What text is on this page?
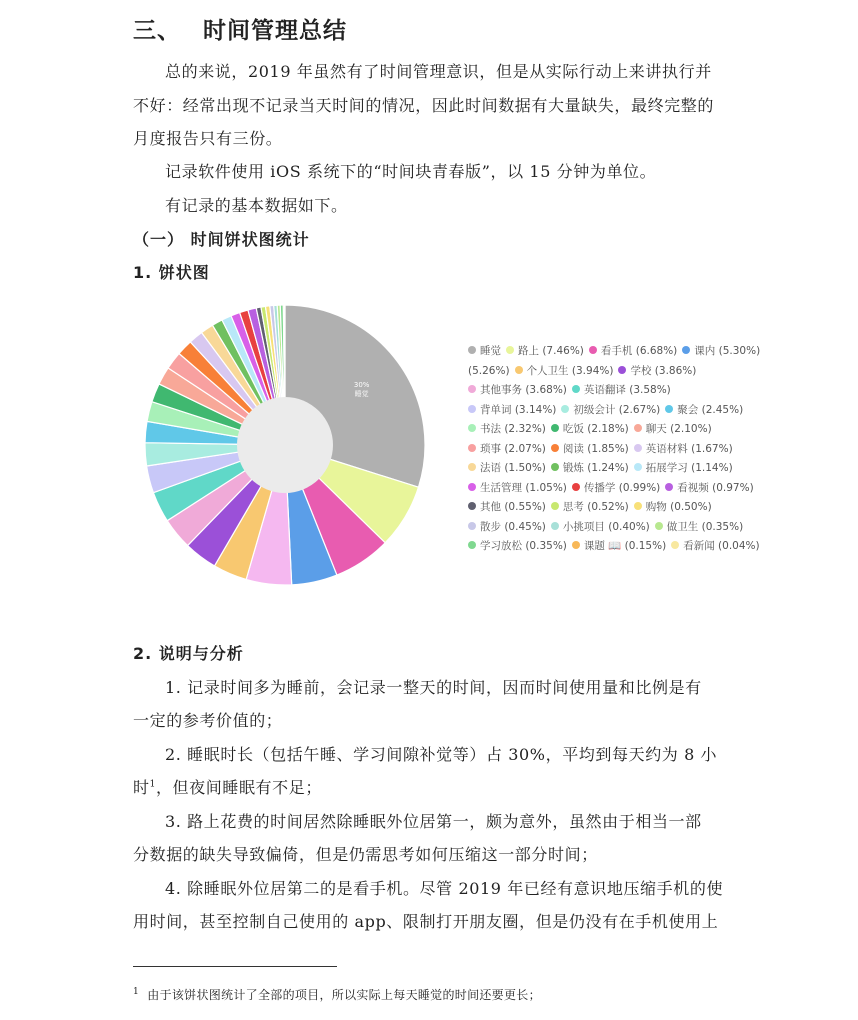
三、 时间管理总结
总的来说，2019 年虽然有了时间管理意识，但是从实际行动上来讲执行并
不好：经常出现不记录当天时间的情况，因此时间数据有大量缺失，最终完整的
月度报告只有三份。
记录软件使用 iOS 系统下的“时间块青春版”，以 15 分钟为单位。
有记录的基本数据如下。
（一） 时间饼状图统计
1. 饼状图
30%
睡觉
睡觉 路上 (7.46%) 看手机 (6.68%) 课内 (5.30%)
(5.26%) 个人卫生 (3.94%) 学校 (3.86%)
其他事务 (3.68%) 英语翻译 (3.58%)
背单词 (3.14%) 初级会计 (2.67%) 聚会 (2.45%)
书法 (2.32%) 吃饭 (2.18%) 聊天 (2.10%)
琐事 (2.07%) 阅读 (1.85%) 英语材料 (1.67%)
法语 (1.50%) 锻炼 (1.24%) 拓展学习 (1.14%)
生活管理 (1.05%) 传播学 (0.99%) 看视频 (0.97%)
其他 (0.55%) 思考 (0.52%) 购物 (0.50%)
散步 (0.45%) 小挑项目 (0.40%) 做卫生 (0.35%)
学习放松 (0.35%) 课题 📖 (0.15%) 看新闻 (0.04%)
2. 说明与分析
1. 记录时间多为睡前，会记录一整天的时间，因而时间使用量和比例是有
一定的参考价值的；
2. 睡眠时长（包括午睡、学习间隙补觉等）占 30%，平均到每天约为 8 小
时$^1$，但夜间睡眠有不足；
3. 路上花费的时间居然除睡眠外位居第一，颇为意外，虽然由于相当一部
分数据的缺失导致偏倚，但是仍需思考如何压缩这一部分时间；
4. 除睡眠外位居第二的是看手机。尽管 2019 年已经有意识地压缩手机的使
用时间，甚至控制自己使用的 app、限制打开朋友圈，但是仍没有在手机使用上
$^1$ 由于该饼状图统计了全部的项目，所以实际上每天睡觉的时间还要更长；
